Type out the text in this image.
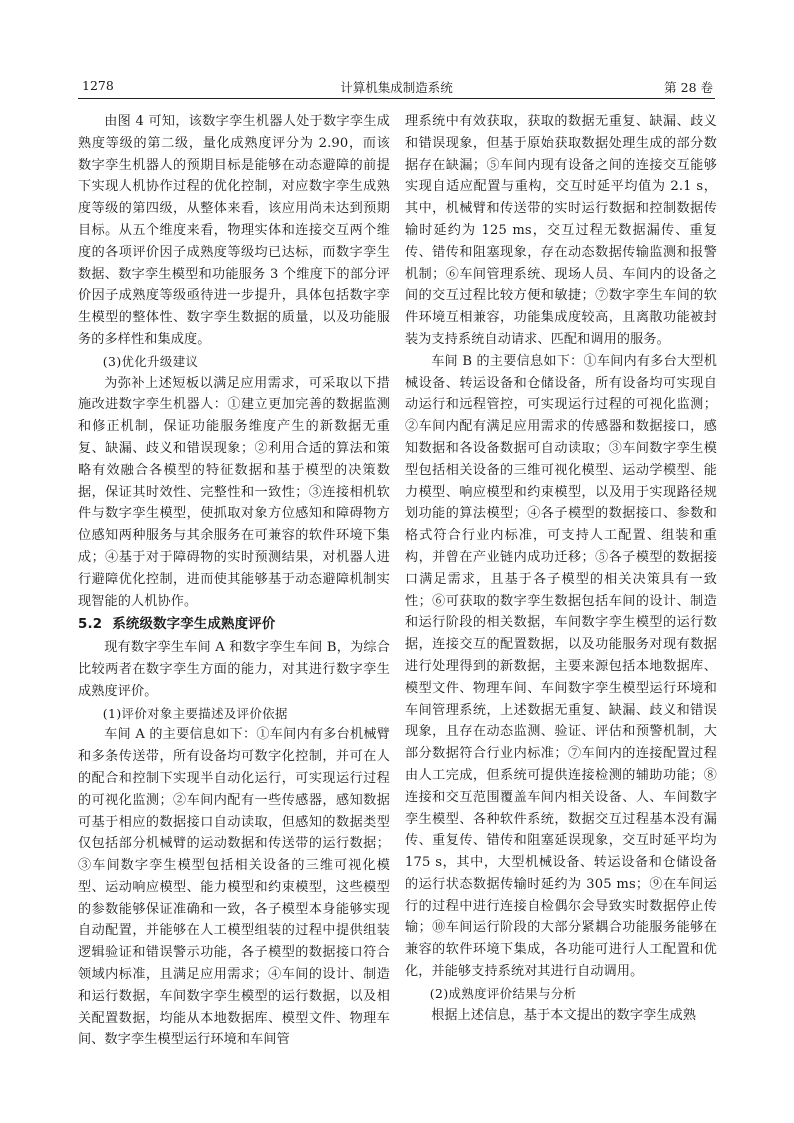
计算机集成制造系统
1278	第 28 卷

由图 4 可知，该数字孪生机器人处于数字孪生成熟度等级的第二级，量化成熟度评分为 2.90，而该数字孪生机器人的预期目标是能够在动态避障的前提下实现人机协作过程的优化控制，对应数字孪生成熟度等级的第四级，从整体来看，该应用尚未达到预期目标。从五个维度来看，物理实体和连接交互两个维度的各项评价因子成熟度等级均已达标，而数字孪生数据、数字孪生模型和功能服务 3 个维度下的部分评价因子成熟度等级亟待进一步提升，具体包括数字孪生模型的整体性、数字孪生数据的质量，以及功能服务的多样性和集成度。

(3)优化升级建议

为弥补上述短板以满足应用需求，可采取以下措施改进数字孪生机器人：①建立更加完善的数据监测和修正机制，保证功能服务维度产生的新数据无重复、缺漏、歧义和错误现象；②利用合适的算法和策略有效融合各模型的特征数据和基于模型的决策数据，保证其时效性、完整性和一致性；③连接相机软件与数字孪生模型，使抓取对象方位感知和障碍物方位感知两种服务与其余服务在可兼容的软件环境下集成；④基于对于障碍物的实时预测结果，对机器人进行避障优化控制，进而使其能够基于动态避障机制实现智能的人机协作。

5.2 系统级数字孪生成熟度评价

现有数字孪生车间 A 和数字孪生车间 B，为综合比较两者在数字孪生方面的能力，对其进行数字孪生成熟度评价。

(1)评价对象主要描述及评价依据

车间 A 的主要信息如下：①车间内有多台机械臂和多条传送带，所有设备均可数字化控制，并可在人的配合和控制下实现半自动化运行，可实现运行过程的可视化监测；②车间内配有一些传感器，感知数据可基于相应的数据接口自动读取，但感知的数据类型仅包括部分机械臂的运动数据和传送带的运行数据；③车间数字孪生模型包括相关设备的三维可视化模型、运动响应模型、能力模型和约束模型，这些模型的参数能够保证准确和一致，各子模型本身能够实现自动配置，并能够在人工模型组装的过程中提供组装逻辑验证和错误警示功能，各子模型的数据接口符合领域内标准，且满足应用需求；④车间的设计、制造和运行数据，车间数字孪生模型的运行数据，以及相关配置数据，均能从本地数据库、模型文件、物理车间、数字孪生模型运行环境和车间管

理系统中有效获取，获取的数据无重复、缺漏、歧义和错误现象，但基于原始获取数据处理生成的部分数据存在缺漏；⑤车间内现有设备之间的连接交互能够实现自适应配置与重构，交互时延平均值为 2.1 s，其中，机械臂和传送带的实时运行数据和控制数据传输时延约为 125 ms，交互过程无数据漏传、重复传、错传和阻塞现象，存在动态数据传输监测和报警机制；⑥车间管理系统、现场人员、车间内的设备之间的交互过程比较方便和敏捷；⑦数字孪生车间的软件环境互相兼容，功能集成度较高，且离散功能被封装为支持系统自动请求、匹配和调用的服务。

车间 B 的主要信息如下：①车间内有多台大型机械设备、转运设备和仓储设备，所有设备均可实现自动运行和远程管控，可实现运行过程的可视化监测；②车间内配有满足应用需求的传感器和数据接口，感知数据和各设备数据可自动读取；③车间数字孪生模型包括相关设备的三维可视化模型、运动学模型、能力模型、响应模型和约束模型，以及用于实现路径规划功能的算法模型；④各子模型的数据接口、参数和格式符合行业内标准，可支持人工配置、组装和重构，并曾在产业链内成功迁移；⑤各子模型的数据接口满足需求，且基于各子模型的相关决策具有一致性；⑥可获取的数字孪生数据包括车间的设计、制造和运行阶段的相关数据，车间数字孪生模型的运行数据，连接交互的配置数据，以及功能服务对现有数据进行处理得到的新数据，主要来源包括本地数据库、模型文件、物理车间、车间数字孪生模型运行环境和车间管理系统，上述数据无重复、缺漏、歧义和错误现象，且存在动态监测、验证、评估和预警机制，大部分数据符合行业内标准；⑦车间内的连接配置过程由人工完成，但系统可提供连接检测的辅助功能；⑧连接和交互范围覆盖车间内相关设备、人、车间数字孪生模型、各种软件系统，数据交互过程基本没有漏传、重复传、错传和阻塞延误现象，交互时延平均为 175 s，其中，大型机械设备、转运设备和仓储设备的运行状态数据传输时延约为 305 ms；⑨在车间运行的过程中进行连接自检偶尔会导致实时数据停止传输；⑩车间运行阶段的大部分紧耦合功能服务能够在兼容的软件环境下集成，各功能可进行人工配置和优化，并能够支持系统对其进行自动调用。

(2)成熟度评价结果与分析

根据上述信息，基于本文提出的数字孪生成熟
